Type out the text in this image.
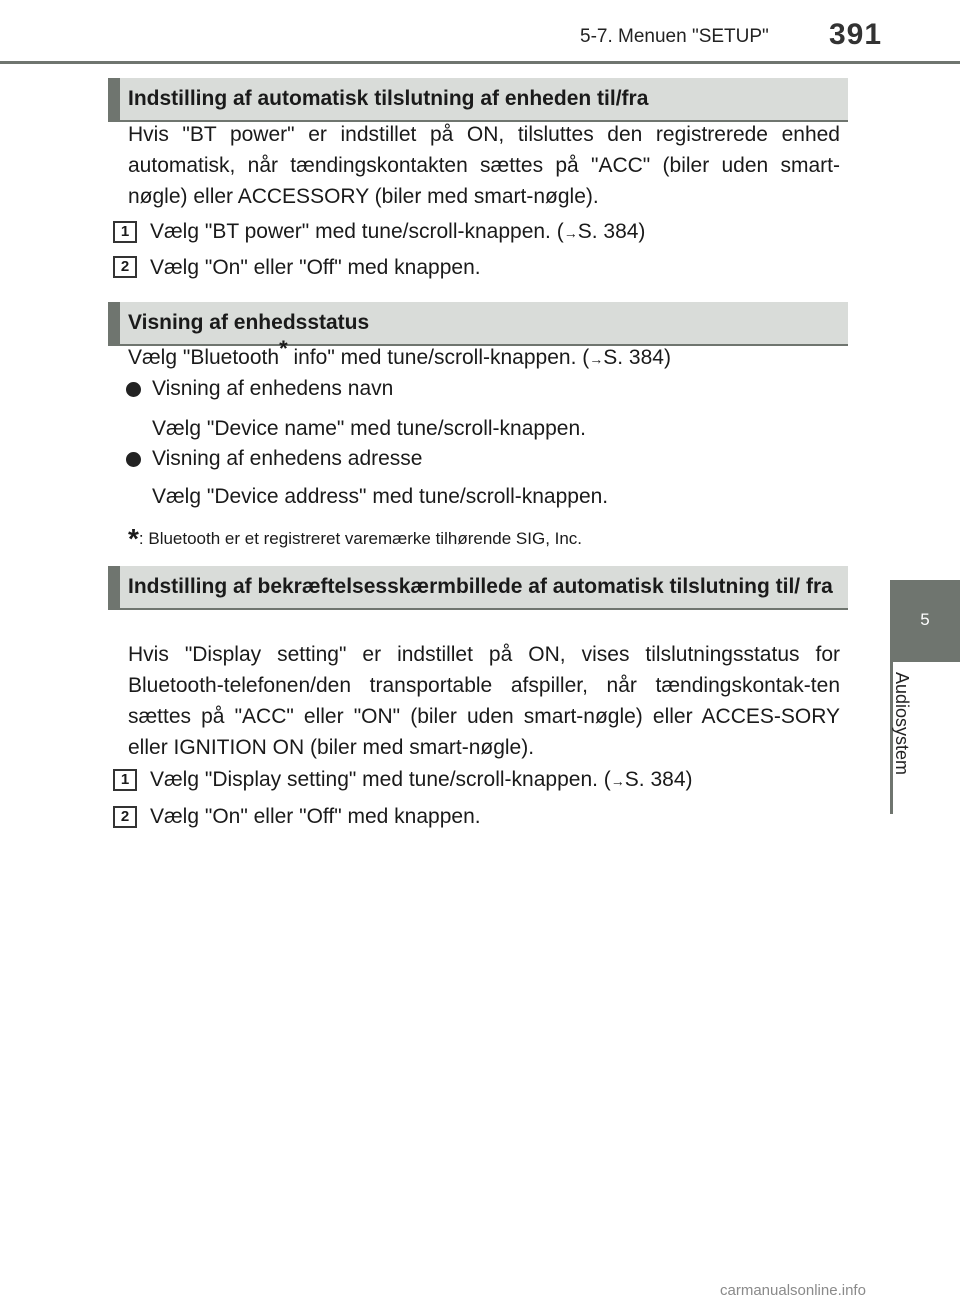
5-7. Menuen "SETUP" 391
5
Audiosystem
Indstilling af automatisk tilslutning af enheden til/fra
Hvis "BT power" er indstillet på ON, tilsluttes den registrerede enhed automatisk, når tændingskontakten sættes på "ACC" (biler uden smart-nøgle) eller ACCESSORY (biler med smart-nøgle).
1 Vælg "BT power" med tune/scroll-knappen. (→S. 384)
2 Vælg "On" eller "Off" med knappen.
Visning af enhedsstatus
Vælg "Bluetooth* info" med tune/scroll-knappen. (→S. 384)
Visning af enhedens navn
Vælg "Device name" med tune/scroll-knappen.
Visning af enhedens adresse
Vælg "Device address" med tune/scroll-knappen.
*: Bluetooth er et registreret varemærke tilhørende SIG, Inc.
Indstilling af bekræftelsesskærmbillede af automatisk tilslutning til/ fra
Hvis "Display setting" er indstillet på ON, vises tilslutningsstatus for Bluetooth-telefonen/den transportable afspiller, når tændingskontak-ten sættes på "ACC" eller "ON" (biler uden smart-nøgle) eller ACCES-SORY eller IGNITION ON (biler med smart-nøgle).
1 Vælg "Display setting" med tune/scroll-knappen. (→S. 384)
2 Vælg "On" eller "Off" med knappen.
carmanualsonline.info
